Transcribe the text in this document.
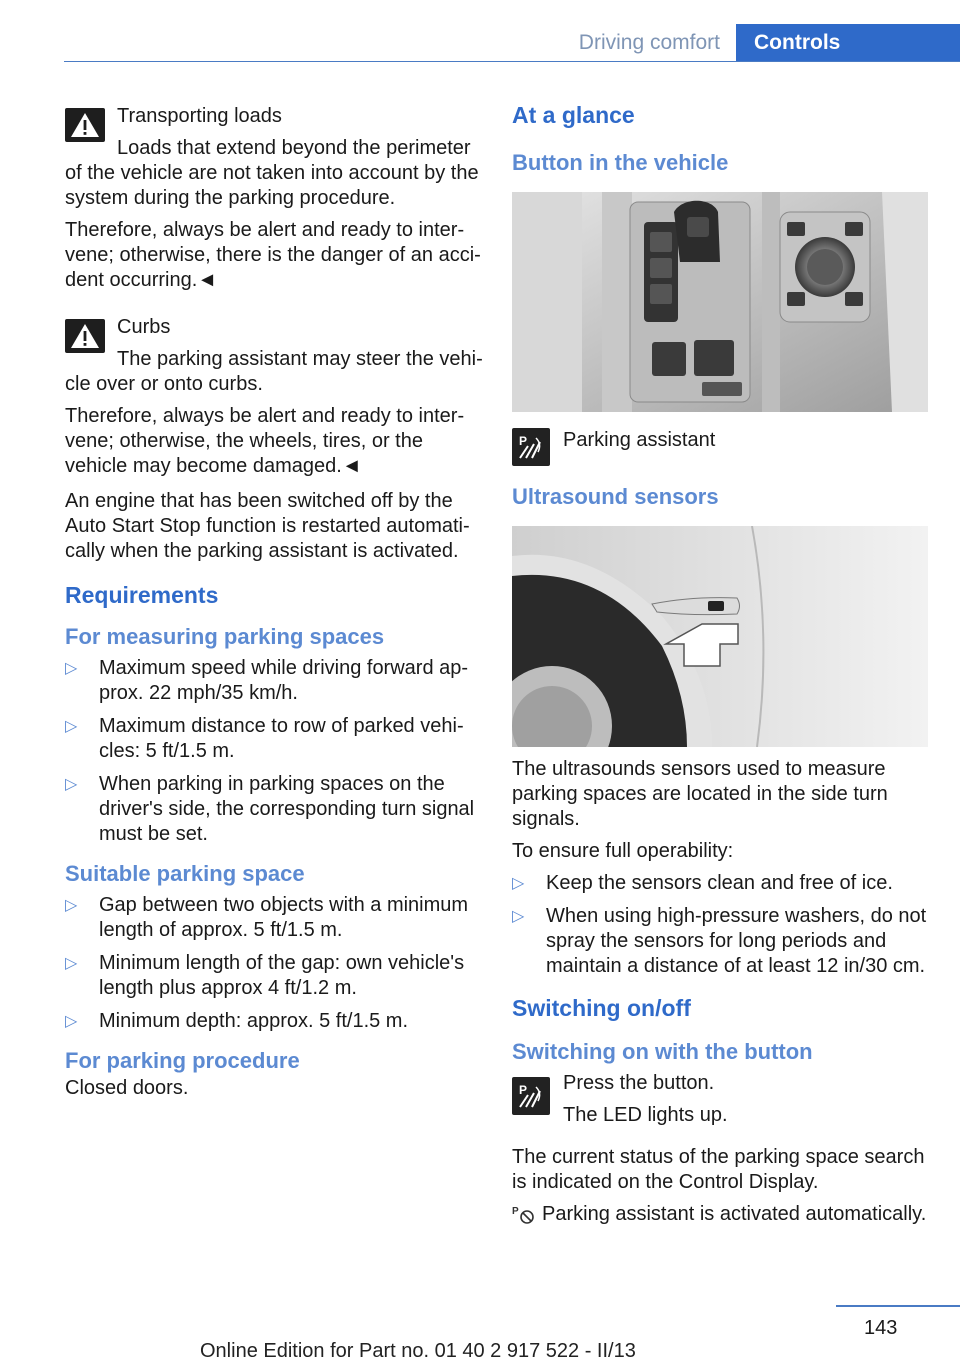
Driving comfort	Controls

Transporting loads

Loads that extend beyond the perimeter of the vehicle are not taken into account by the system during the parking procedure.

Therefore, always be alert and ready to intervene; otherwise, there is the danger of an accident occurring.◄

Curbs

The parking assistant may steer the vehicle over or onto curbs.

Therefore, always be alert and ready to intervene; otherwise, the wheels, tires, or the vehicle may become damaged.◄

An engine that has been switched off by the Auto Start Stop function is restarted automatically when the parking assistant is activated.

Requirements
For measuring parking spaces
▷ Maximum speed while driving forward approx. 22 mph/35 km/h.
▷ Maximum distance to row of parked vehicles: 5 ft/1.5 m.
▷ When parking in parking spaces on the driver's side, the corresponding turn signal must be set.
Suitable parking space
▷ Gap between two objects with a minimum length of approx. 5 ft/1.5 m.
▷ Minimum length of the gap: own vehicle's length plus approx 4 ft/1.2 m.
▷ Minimum depth: approx. 5 ft/1.5 m.
For parking procedure

Closed doors.

At a glance
Button in the vehicle
P Parking assistant
Ultrasound sensors

The ultrasounds sensors used to measure parking spaces are located in the side turn signals.

To ensure full operability:

▷ Keep the sensors clean and free of ice.
▷ When using high-pressure washers, do not spray the sensors for long periods and maintain a distance of at least 12 in/30 cm.
Switching on/off
Switching on with the button
P Press the button.

The LED lights up.

The current status of the parking space search is indicated on the Control Display.

P Parking assistant is activated automatically.
143
Online Edition for Part no. 01 40 2 917 522 - II/13
